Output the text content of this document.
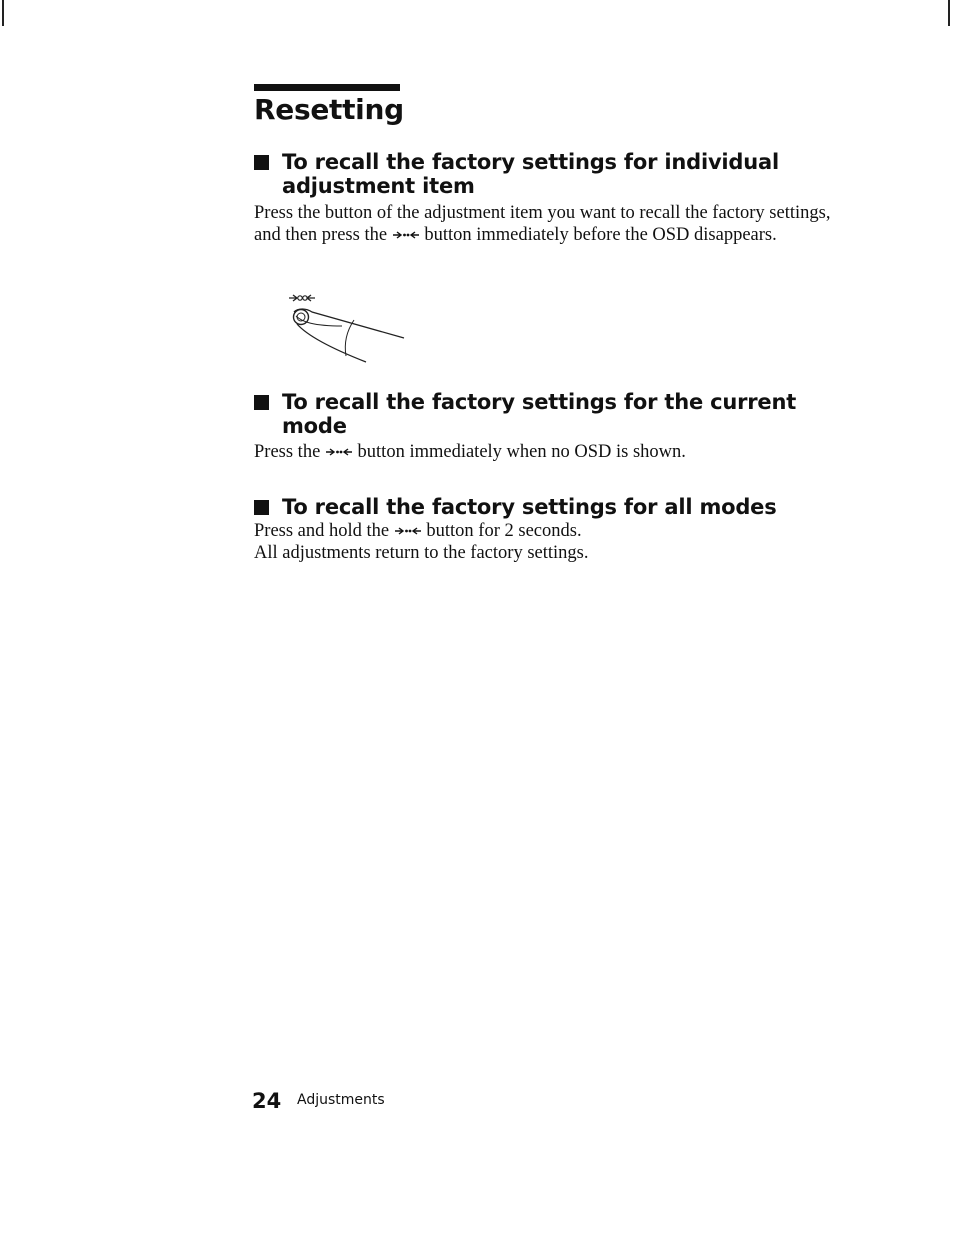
Resetting
To recall the factory settings for individual adjustment item

Press the button of the adjustment item you want to recall the factory settings, and then press the  button immediately before the OSD disappears.

To recall the factory settings for the current mode

Press the  button immediately when no OSD is shown.

To recall the factory settings for all modes

Press and hold the  button for 2 seconds.

All adjustments return to the factory settings.

24 Adjustments
